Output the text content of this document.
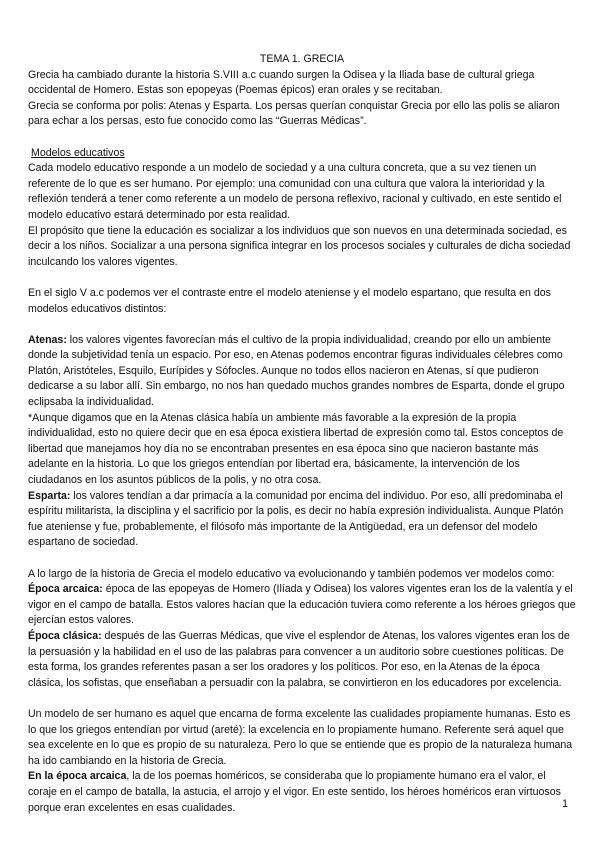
TEMA 1. GRECIA

Grecia ha cambiado durante la historia S.VIII a.c cuando surgen la Odisea y la Iliada base de cultural griega occidental de Homero. Estas son epopeyas (Poemas épicos) eran orales y se recitaban.

Grecia se conforma por polis: Atenas y Esparta. Los persas querían conquistar Grecia por ello las polis se aliaron para echar a los persas, esto fue conocido como las “Guerras Médicas”.

Modelos educativos

Cada modelo educativo responde a un modelo de sociedad y a una cultura concreta, que a su vez tienen un referente de lo que es ser humano. Por ejemplo: una comunidad con una cultura que valora la interioridad y la reflexión tenderá a tener como referente a un modelo de persona reflexivo, racional y cultivado, en este sentido el modelo educativo estará determinado por esta realidad.

El propósito que tiene la educación es socializar a los individuos que son nuevos en una determinada sociedad, es decir a los niños. Socializar a una persona significa integrar en los procesos sociales y culturales de dicha sociedad inculcando los valores vigentes.

En el siglo V a.c podemos ver el contraste entre el modelo ateniense y el modelo espartano, que resulta en dos modelos educativos distintos:

Atenas: los valores vigentes favorecían más el cultivo de la propia individualidad, creando por ello un ambiente donde la subjetividad tenía un espacio. Por eso, en Atenas podemos encontrar figuras individuales célebres como Platón, Aristóteles, Esquilo, Eurípides y Sófocles. Aunque no todos ellos nacieron en Atenas, sí que pudieron dedicarse a su labor allí. Sin embargo, no nos han quedado muchos grandes nombres de Esparta, donde el grupo eclipsaba la individualidad.

*Aunque digamos que en la Atenas clásica había un ambiente más favorable a la expresión de la propia individualidad, esto no quiere decir que en esa época existiera libertad de expresión como tal. Estos conceptos de libertad que manejamos hoy día no se encontraban presentes en esa época sino que nacieron bastante más adelante en la historia. Lo que los griegos entendían por libertad era, básicamente, la intervención de los ciudadanos en los asuntos públicos de la polis, y no otra cosa.

Esparta: los valores tendían a dar primacía a la comunidad por encima del individuo. Por eso, allí predominaba el espíritu militarista, la disciplina y el sacrificio por la polis, es decir no había expresión individualista. Aunque Platón fue ateniense y fue, probablemente, el filósofo más importante de la Antigüedad, era un defensor del modelo espartano de sociedad.

A lo largo de la historia de Grecia el modelo educativo va evolucionando y también podemos ver modelos como:

Época arcaica: época de las epopeyas de Homero (Ilíada y Odisea) los valores vigentes eran los de la valentía y el vigor en el campo de batalla. Estos valores hacían que la educación tuviera como referente a los héroes griegos que ejercían estos valores.

Época clásica: después de las Guerras Médicas, que vive el esplendor de Atenas, los valores vigentes eran los de la persuasión y la habilidad en el uso de las palabras para convencer a un auditorio sobre cuestiones políticas. De esta forma, los grandes referentes pasan a ser los oradores y los políticos. Por eso, en la Atenas de la época clásica, los sofistas, que enseñaban a persuadir con la palabra, se convirtieron en los educadores por excelencia.

Un modelo de ser humano es aquel que encarna de forma excelente las cualidades propiamente humanas. Esto es lo que los griegos entendían por virtud (areté): la excelencia en lo propiamente humano. Referente será aquel que sea excelente en lo que es propio de su naturaleza. Pero lo que se entiende que es propio de la naturaleza humana ha ido cambiando en la historia de Grecia.

En la época arcaica, la de los poemas homéricos, se consideraba que lo propiamente humano era el valor, el coraje en el campo de batalla, la astucia, el arrojo y el vigor. En este sentido, los héroes homéricos eran virtuosos porque eran excelentes en esas cualidades.	1
